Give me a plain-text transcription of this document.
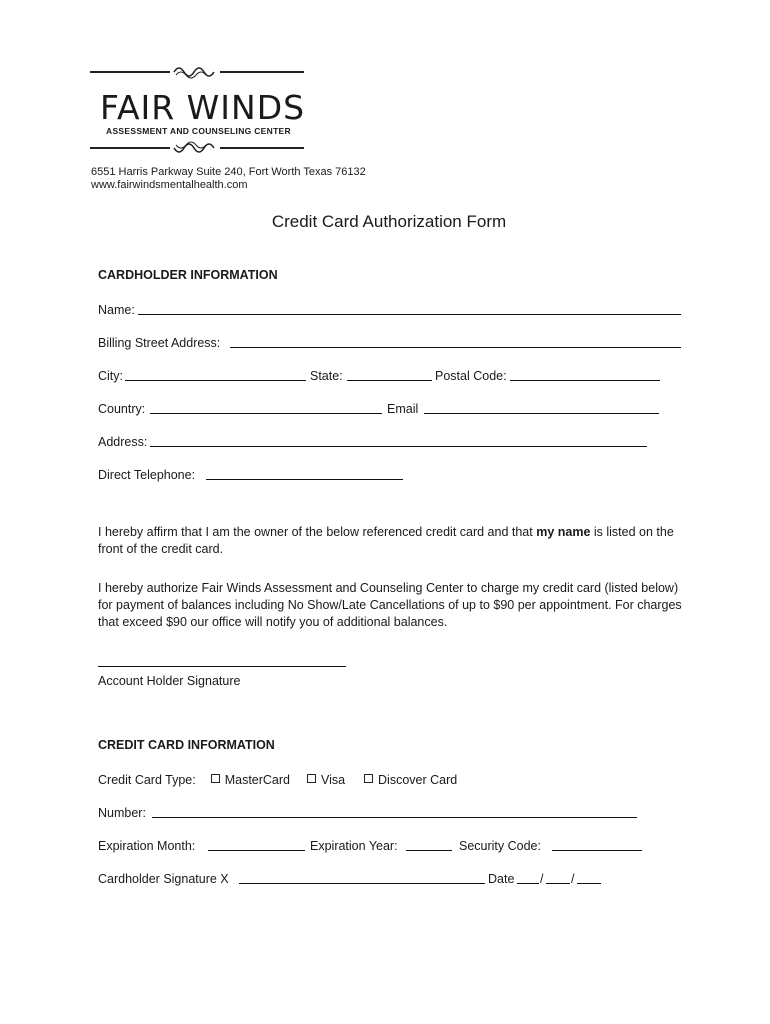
FAIR WINDS
ASSESSMENT AND COUNSELING CENTER
6551 Harris Parkway Suite 240, Fort Worth Texas 76132
www.fairwindsmentalhealth.com
Credit Card Authorization Form
CARDHOLDER INFORMATION
Name:
Billing Street Address:
City:	State:	Postal Code:
Country:	Email
Address:
Direct Telephone:
I hereby affirm that I am the owner of the below referenced credit card and that my name is listed on the front of the credit card.
I hereby authorize Fair Winds Assessment and Counseling Center to charge my credit card (listed below) for payment of balances including No Show/Late Cancellations of up to $90 per appointment. For charges that exceed $90 our office will notify you of additional balances.
Account Holder Signature
CREDIT CARD INFORMATION
Credit Card Type: MasterCard Visa	Discover Card
Number:
Expiration Month:	Expiration Year:	Security Code:
Cardholder Signature X	Date / /
